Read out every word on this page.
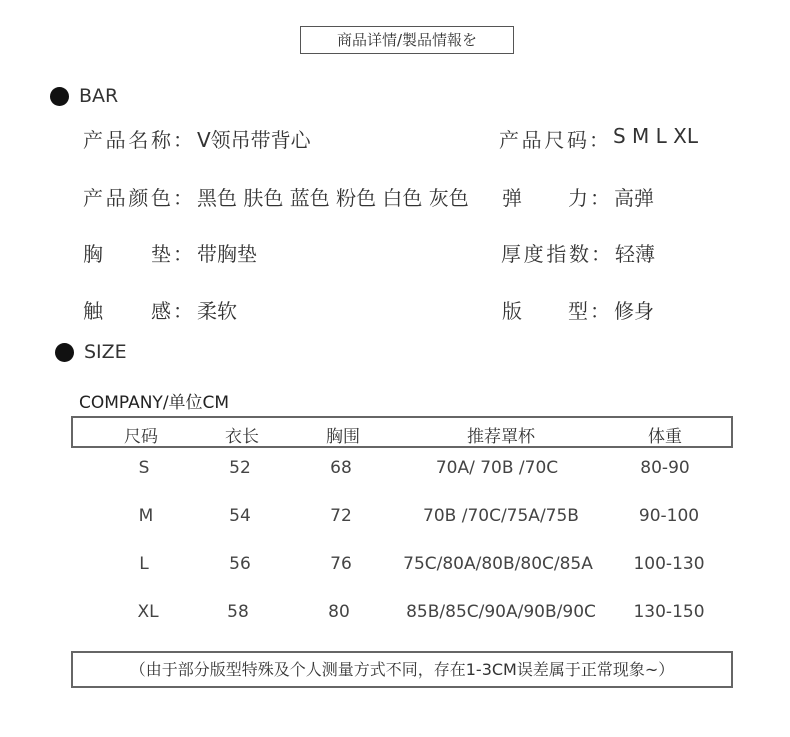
商品详情/製品情報を
BAR
产品名称 ： V领吊带背心	产品尺码 ： S M L XL
产品颜色 ： 黑色 肤色 蓝色 粉色 白色 灰色 弹力 ： 高弹
胸垫 ： 带胸垫	厚度指数 ： 轻薄
触感 ： 柔软	版型 ： 修身
SIZE
COMPANY/单位CM
尺码	衣长	胸围	推荐罩杯	体重
S	52	68	70A/ 70B /70C	80-90
M	54	72	70B /70C/75A/75B	90-100
L	56	76	75C/80A/80B/80C/85A 100-130
XL	58	80	85B/85C/90A/90B/90C 130-150
（由于部分版型特殊及个人测量方式不同，存在1-3CM误差属于正常现象~）
